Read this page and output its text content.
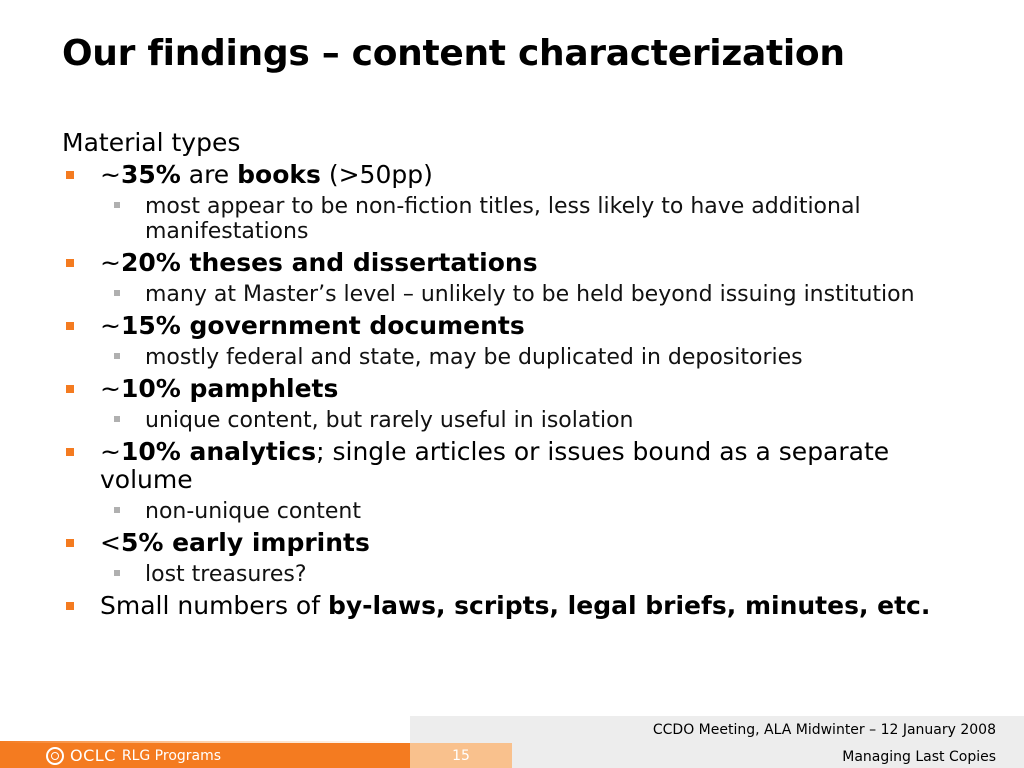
Our findings – content characterization
Material types
~35% are books (>50pp)
most appear to be non-fiction titles, less likely to have additional manifestations
~20% theses and dissertations
many at Master’s level – unlikely to be held beyond issuing institution
~15% government documents
mostly federal and state, may be duplicated in depositories
~10% pamphlets
unique content, but rarely useful in isolation
~10% analytics; single articles or issues bound as a separate volume
non-unique content
<5% early imprints
lost treasures?
Small numbers of by-laws, scripts, legal briefs, minutes, etc.
CCDO Meeting, ALA Midwinter – 12 January 2008
OCLC RLG Programs	15	Managing Last Copies
